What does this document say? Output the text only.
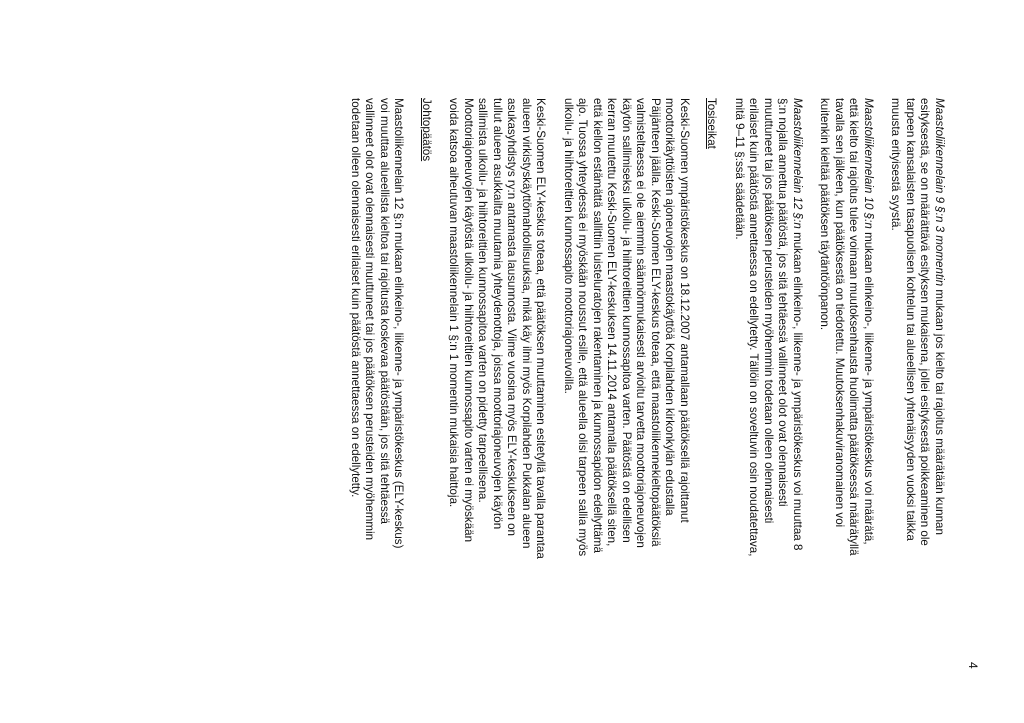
4

Maastoliikennelain 9 §:n 3 momentin mukaan jos kielto tai rajoitus määrätään kunnan esityksestä, se on määrättävä esityksen mukaisena, jollei esityksestä poikkeaminen ole tarpeen kansalaisten tasapuolisen kohtelun tai alueellisen yhtenäisyyden vuoksi taikka muusta erityisestä syystä.

Maastoliikennelain 10 §:n mukaan elinkeino-, liikenne- ja ympäristökeskus voi määrätä, että kielto tai rajoitus tulee voimaan muutoksenhausta huolimatta päätöksessä määrätyllä tavalla sen jälkeen, kun päätöksestä on tiedotettu. Muutoksenhakuviranomainen voi kuitenkin kieltää päätöksen täytäntöönpanon.

Maastoliikennelain 12 §:n mukaan elinkeino-, liikenne- ja ympäristökeskus voi muuttaa 8 §:n nojalla annettua päätöstä, jos sitä tehtäessä vallinneet olot ovat olennaisesti muuttuneet tai jos päätöksen perusteiden myöhemmin todetaan olleen olennaisesti erilaiset kuin päätöstä annettaessa on edellytetty. Tällöin on soveltuvin osin noudatettava, mitä 9–11 §:ssä säädetään.

Tosiseikat

Keski-Suomen ympäristökeskus on 18.12.2007 antamallaan päätöksellä rajoittanut moottorikäyttöisten ajoneuvojen maastokäyttöä Korpilahden kirkonkylän edustalla Päijänteen jäälla. Keski-Suomen ELY-keskus toteaa, että maastoliikennekieltopäätöksiä valmisteltaessa ei ole aiemmin säännönmukaisesti arvioitu tarvetta moottoriajoneuvojen käytön sallimiseksi ulkoilu- ja hiihtoreittien kunnossapitoa varten. Päätöstä on edellisen kerran muutettu Keski-Suomen ELY-keskuksen 14.11.2014 antamalla päätöksellä siten, että kiellon estämättä sallittiin luisteluratojen rakentaminen ja kunnossapidon edellyttämä ajo. Tuossa yhteydessä ei myöskään noussut esille, että alueella olisi tarpeen sallia myös ulkoilu- ja hiihtoreittien kunnossapito moottoriajoneuvoilla.

Keski-Suomen ELY-keskus toteaa, että päätöksen muuttaminen esitetyllä tavalla parantaa alueen virkistyskäyttömahdollisuuksia, mikä käy ilmi myös Korpilahden Pukkalan alueen asukasyhdistys ry:n antamasta lausunnosta. Viime vuosina myös ELY-keskukseen on tullut alueen asukkailta muutamia yhteydenottoja, joissa moottoriajoneuvojen käytön sallimista ulkoilu- ja hiihtoreittien kunnossapitoa varten on pidetty tarpeellisena. Moottoriajoneuvojen käytöstä ulkoilu- ja hiihtoreittien kunnossapito varten ei myöskään voida katsoa aiheutuvan maastoliikennelain 1 §:n 1 momentin mukaisia haittoja.

Johtopäätös

Maastoliikennelain 12 §:n mukaan elinkeino-, liikenne- ja ympäristökeskus (ELY-keskus) voi muuttaa alueellista kieltoa tai rajoitusta koskevaa päätöstään, jos sitä tehtäessä vallinneet olot ovat olennaisesti muuttuneet tai jos päätöksen perusteiden myöhemmin todetaan olleen olennaisesti erilaiset kuin päätöstä annettaessa on edellytetty.
